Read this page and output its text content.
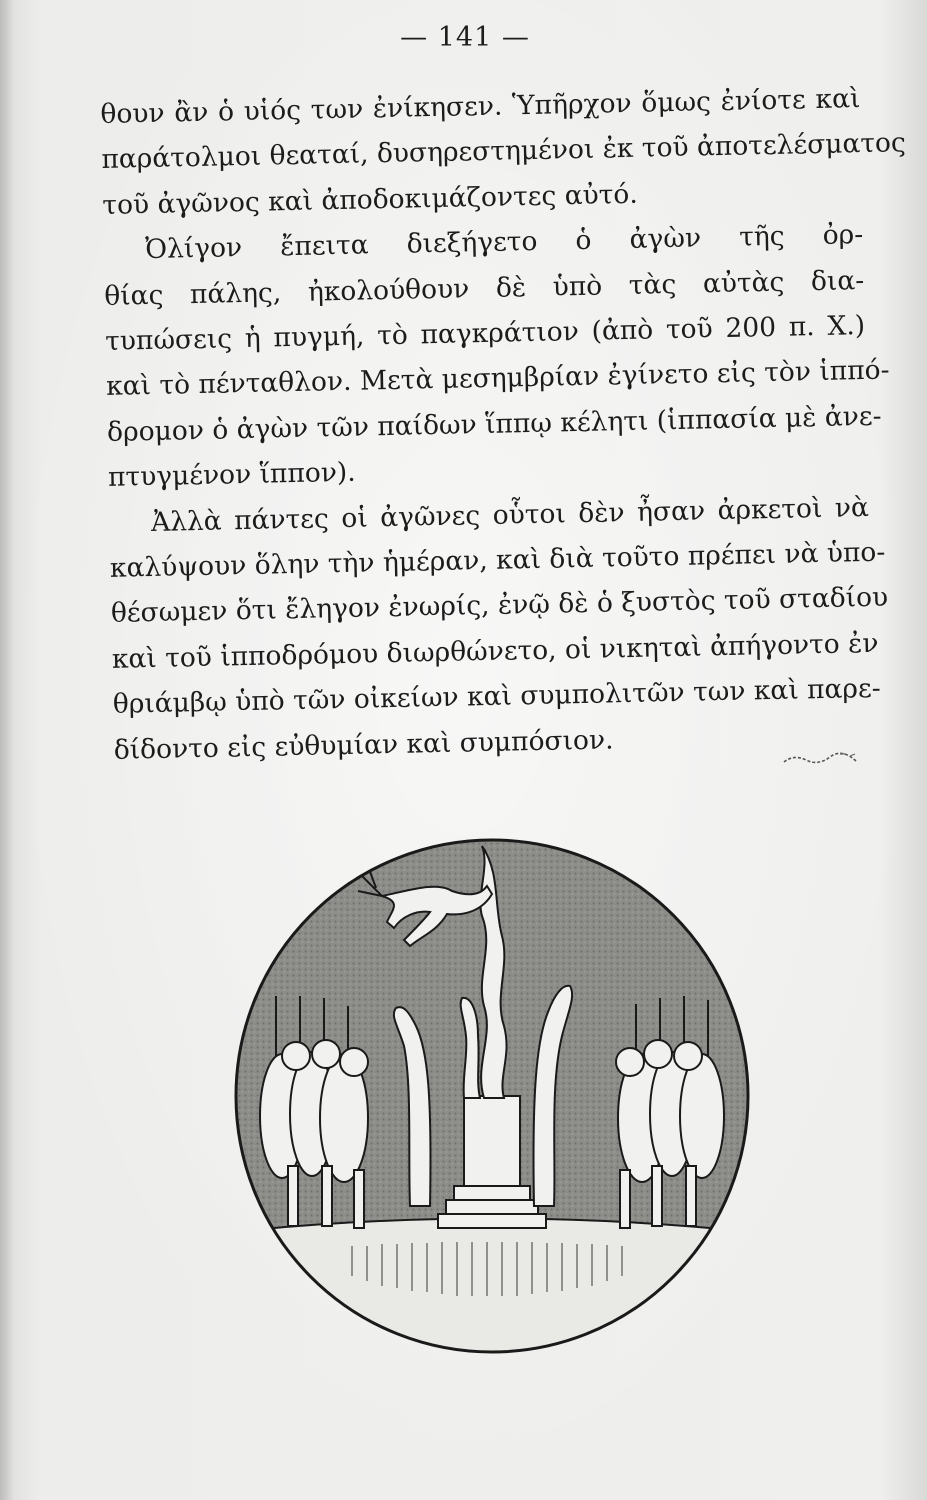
— 141 —
θουν ἂν ὁ υἱός των ἐνίκησεν. Ὑπῆρχον ὅμως ἐνίοτε καὶ
παράτολμοι θεαταί, δυσηρεστημένοι ἐκ τοῦ ἀποτελέσματος
τοῦ ἀγῶνος καὶ ἀποδοκιμάζοντες αὐτό.
Ὀλίγον ἔπειτα διεξήγετο ὁ ἀγὼν τῆς ὀρ-
θίας πάλης, ἠκολούθουν δὲ ὑπὸ τὰς αὐτὰς δια-
τυπώσεις ἡ πυγμή, τὸ παγκράτιον (ἀπὸ τοῦ 200 π. Χ.)
καὶ τὸ πένταθλον. Μετὰ μεσημβρίαν ἐγίνετο εἰς τὸν ἱππό-
δρομον ὁ ἀγὼν τῶν παίδων ἵππῳ κέλητι (ἱππασία μὲ ἀνε-
πτυγμένον ἵππον).
Ἀλλὰ πάντες οἱ ἀγῶνες οὗτοι δὲν ἦσαν ἀρκετοὶ νὰ
καλύψουν ὅλην τὴν ἡμέραν, καὶ διὰ τοῦτο πρέπει νὰ ὑπο-
θέσωμεν ὅτι ἔληγον ἐνωρίς, ἐνῷ δὲ ὁ ξυστὸς τοῦ σταδίου
καὶ τοῦ ἱπποδρόμου διωρθώνετο, οἱ νικηταὶ ἀπήγοντο ἐν
θριάμβῳ ὑπὸ τῶν οἰκείων καὶ συμπολιτῶν των καὶ παρε-
δίδοντο εἰς εὐθυμίαν καὶ συμπόσιον.
